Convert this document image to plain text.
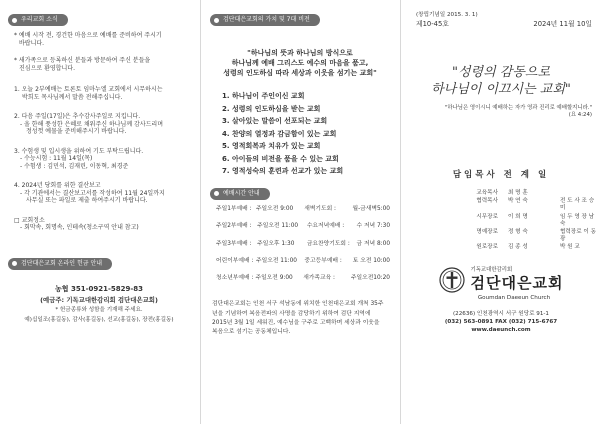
우리교회 소식
* 예배 시작 전, 경건한 마음으로 예배를 준비하여 주시기
바랍니다.
* 새가족으로 등록하신 분들과 방문하여 주신 분들을
진심으로 환영합니다.
1. 오늘 2부예배는 토론토 임마누엘 교회에서 시무하시는
박희도 목사님께서 말씀 전해주십니다.
2. 다음 주일(17일)은 추수감사주일로 지킵니다.
- 올 한해 풍성한 은혜로 채워주신 하나님께 감사드리며
정성껏 예물을 준비해주시기 바랍니다.
3. 수험생 및 입시생을 위하여 기도 부탁드립니다.
- 수능시험 : 11월 14일(목)
- 수험생 : 김민석, 김재린, 이동혁, 최경준
4. 2024년 당회를 위한 결산보고
- 각 기관에서는 결산보고서를 작성하여 11월 24일까지
사무실 또는 파일로 제출 하여주시기 바랍니다.
□ 교회정소
- 회막속, 회명속, 인테속(청소구역 안내 참고)
검단대은교회 온라인 헌금 안내
농협 351-0921-5829-83
(예금주: 기독교대한감리회 검단대은교회)
* 헌금종류와 성함을 기재해 주세요.
예)십일조(홍길동), 감사(홍길동), 선교(홍길동), 장전(홍길동)
검단대은교회의 가치 및 7대 비전
"하나님의 뜻과 하나님의 방식으로
하나님께 예배 그리스도 예수의 마음을 품고,
성령의 인도하심 따라 세상과 이웃을 섬기는 교회"
1. 하나님이 주인이신 교회
2. 성령의 인도하심을 받는 교회
3. 살아있는 말씀이 선포되는 교회
4. 찬양의 열정과 감금함이 있는 교회
5. 영적회복과 치유가 있는 교회
6. 아이들의 비전을 품을 수 있는 교회
7. 영적성숙의 훈련과 선교가 있는 교회
예배시간 안내
주일1부예배 : 주일오전 9:00	새벽기도회 :	월-금새벽5:00
주일2부예배 : 주일오전 11:00	수요저녁예배 :	수 저녁 7:30
주일3부예배 : 주일오후 1:30	금요찬양기도회 :	금 저녁 8:00
어린이부예배 : 주일오전 11:00	중고등부예배 :	토 오전 10:00
청소년부예배 : 주일오전 9:00	새가족교육 :	주일오전10:20
검단대은교회는 인천 서구 석남동에 위치한 인천대은교회 개척 35주년을 기념하여 복음전파의 사명을 감당하기 위하여 검단 지역에 2015년 3월 1일 세워진, 예수님을 구주로 고백하며 세상과 이웃을 복음으로 섬기는 공동체입니다.
(창립기념일 2015. 3. 1)
제10-45호	2024년 11월 10일
"성령의 감동으로
하나님이 이끄시는 교회"
"하나님은 영이시니 예배하는 자가 영과 진리로 예배할지니라."
(요 4:24)
담임목사 전 계 일
교육목사	최 명 훈
협력목사	박 연 숙	전 도 사 조 승 미
시무장로	이 희 명	임 두 영 장 남 숙
명예장로	정 형 숙	협력장로 이 동 광
원로장로	김 종 성	박 원 교
기독교대한감리회
검단대은교회
Goumdan Daeeun Church
(22636) 인천광역시 서구 원당로 91-1
(032) 563-0891 FAX (032) 715-6767
www.daeunch.com
